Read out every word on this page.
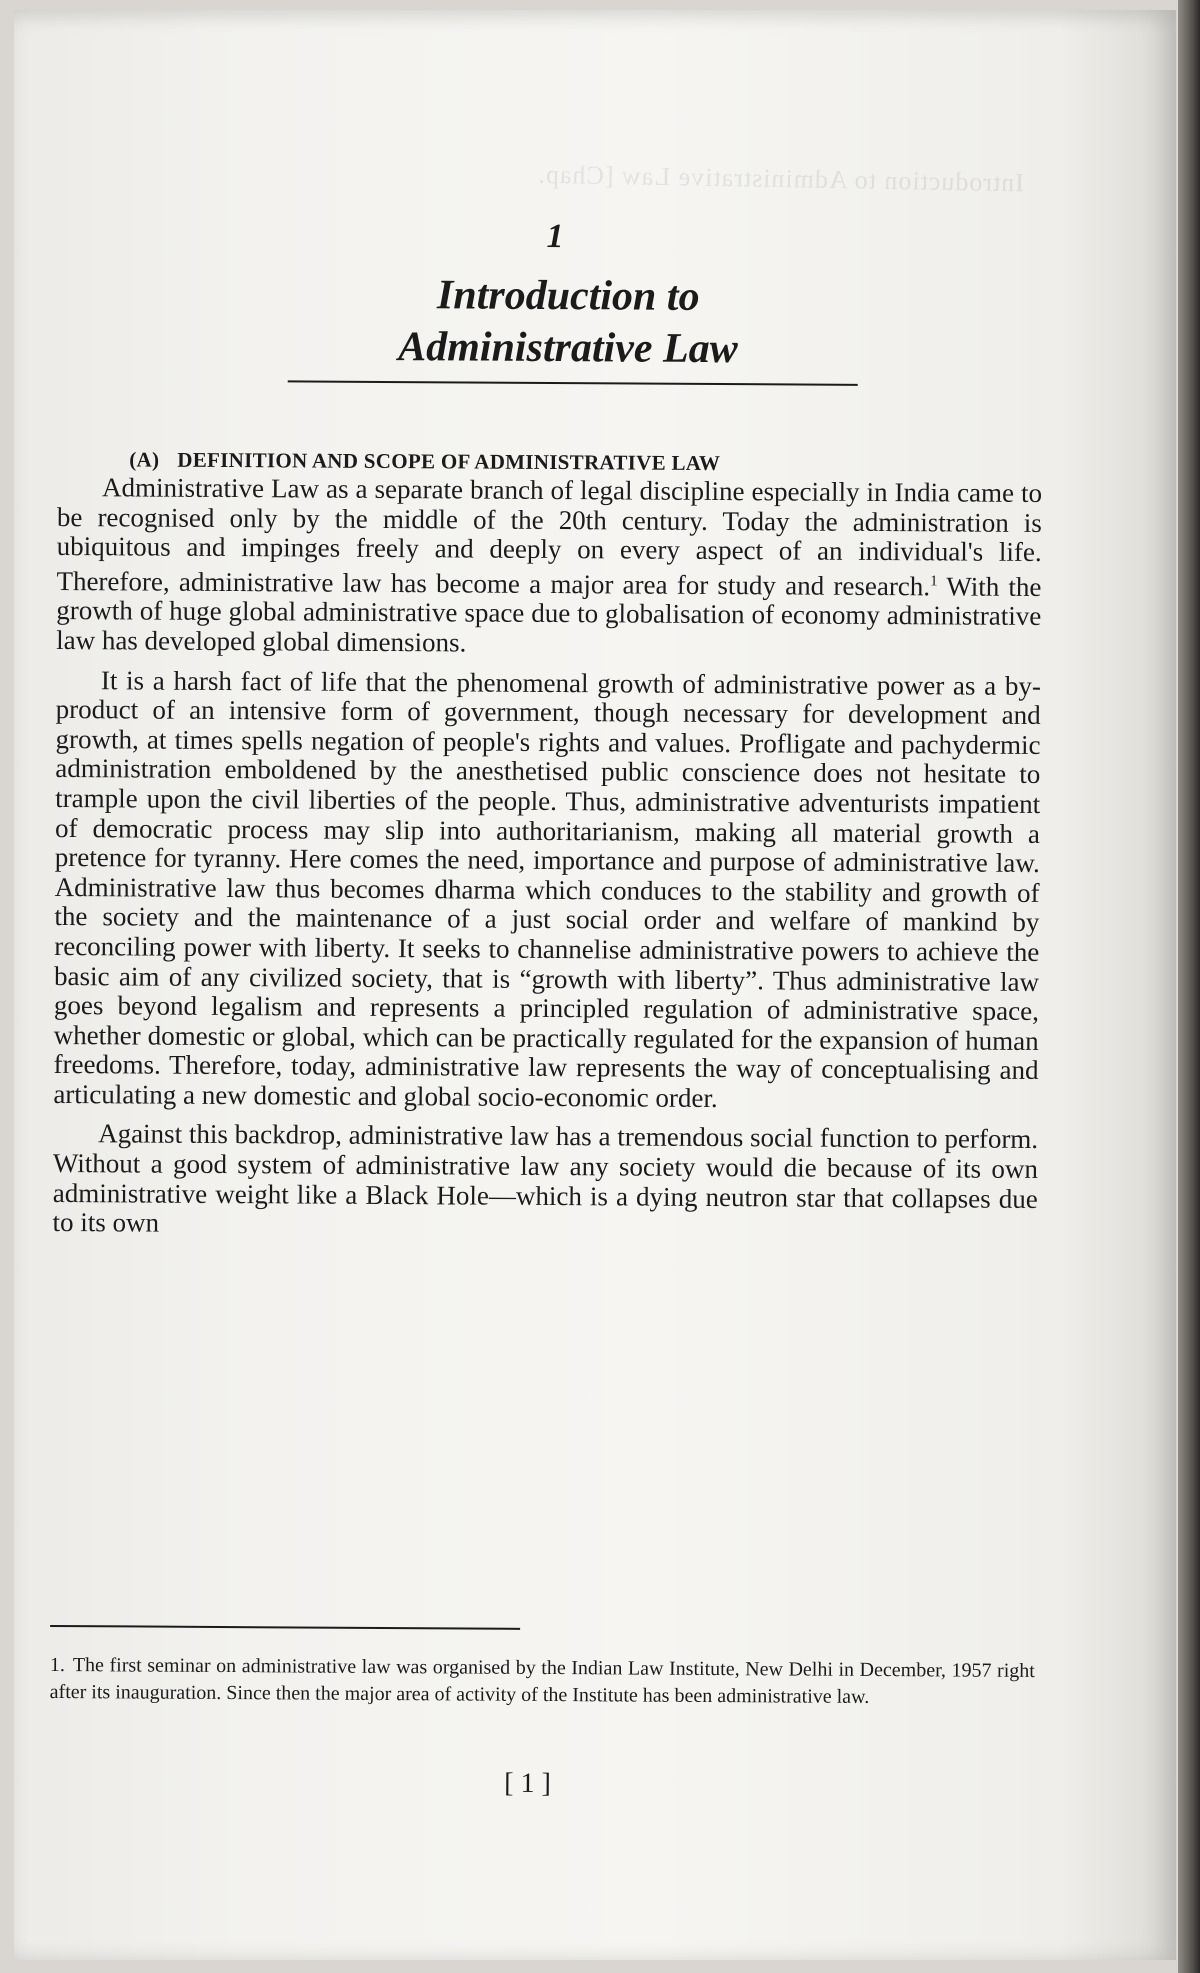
Introduction to Administrative Law [Chap.
1
Introduction to
Administrative Law
(A) DEFINITION AND SCOPE OF ADMINISTRATIVE LAW

Administrative Law as a separate branch of legal discipline especially in India came to be recognised only by the middle of the 20th century. Today the administration is ubiquitous and impinges freely and deeply on every aspect of an individual's life. Therefore, administrative law has become a major area for study and research.$^1$ With the growth of huge global administrative space due to globalisation of economy administrative law has developed global dimensions.

It is a harsh fact of life that the phenomenal growth of administrative power as a by-product of an intensive form of government, though necessary for development and growth, at times spells negation of people's rights and values. Profligate and pachydermic administration emboldened by the anesthetised public conscience does not hesitate to trample upon the civil liberties of the people. Thus, administrative adventurists impatient of democratic process may slip into authoritarianism, making all material growth a pretence for tyranny. Here comes the need, importance and purpose of administrative law. Administrative law thus becomes dharma which conduces to the stability and growth of the society and the maintenance of a just social order and welfare of mankind by reconciling power with liberty. It seeks to channelise administrative powers to achieve the basic aim of any civilized society, that is “growth with liberty”. Thus administrative law goes beyond legalism and represents a principled regulation of administrative space, whether domestic or global, which can be practically regulated for the expansion of human freedoms. Therefore, today, administrative law represents the way of conceptualising and articulating a new domestic and global socio-economic order.

Against this backdrop, administrative law has a tremendous social function to perform. Without a good system of administrative law any society would die because of its own administrative weight like a Black Hole—which is a dying neutron star that collapses due to its own

1. The first seminar on administrative law was organised by the Indian Law Institute, New Delhi in December, 1957 right after its inauguration. Since then the major area of activity of the Institute has been administrative law.
[ 1 ]
